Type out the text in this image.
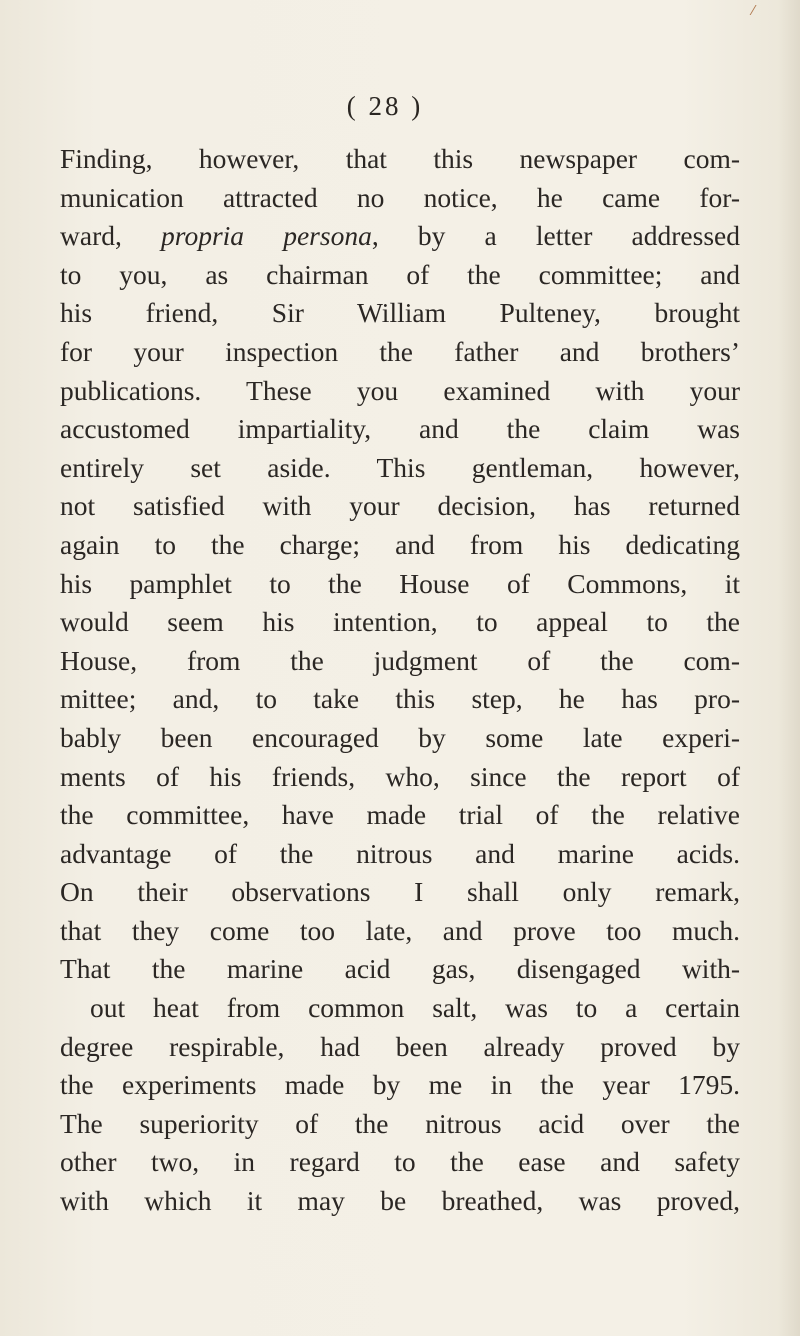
⁄
( 28 )
Finding, however, that this newspaper com-
munication attracted no notice, he came for-
ward, propria persona, by a letter addressed
to you, as chairman of the committee; and
his friend, Sir William Pulteney, brought
for your inspection the father and brothers’
publications. These you examined with your
accustomed impartiality, and the claim was
entirely set aside. This gentleman, however,
not satisfied with your decision, has returned
again to the charge; and from his dedicating
his pamphlet to the House of Commons, it
would seem his intention, to appeal to the
House, from the judgment of the com-
mittee; and, to take this step, he has pro-
bably been encouraged by some late experi-
ments of his friends, who, since the report of
the committee, have made trial of the relative
advantage of the nitrous and marine acids.
On their observations I shall only remark,
that they come too late, and prove too much.
That the marine acid gas, disengaged with-
out heat from common salt, was to a certain
degree respirable, had been already proved by
the experiments made by me in the year 1795.
The superiority of the nitrous acid over the
other two, in regard to the ease and safety
with which it may be breathed, was proved,
